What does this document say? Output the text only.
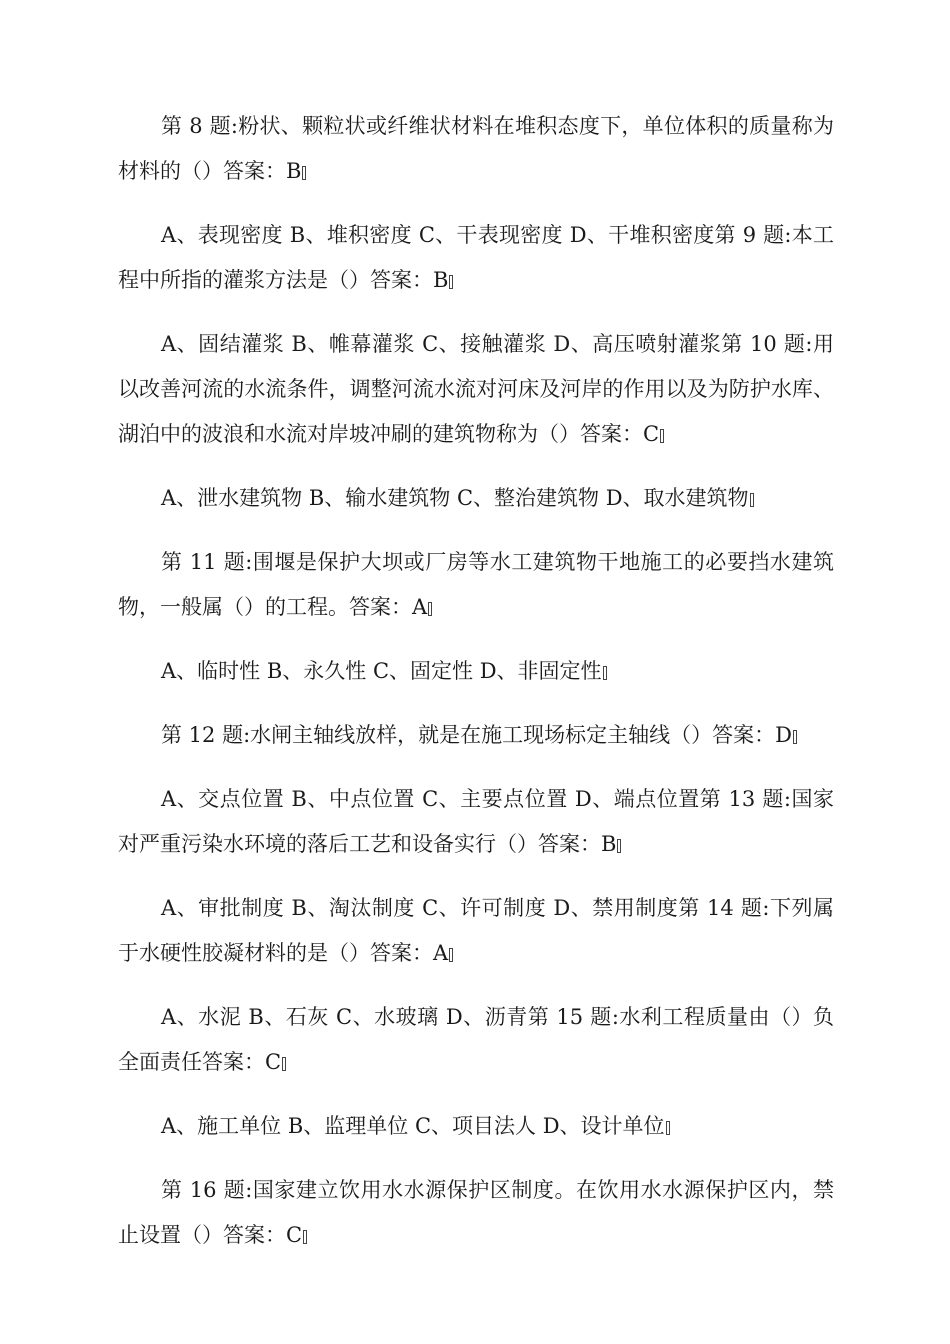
第 8 题:粉状、颗粒状或纤维状材料在堆积态度下，单位体积的质量称为材料的（）答案：B

A、表现密度 B、堆积密度 C、干表现密度 D、干堆积密度第 9 题:本工程中所指的灌浆方法是（）答案：B

A、固结灌浆 B、帷幕灌浆 C、接触灌浆 D、高压喷射灌浆第 10 题:用以改善河流的水流条件，调整河流水流对河床及河岸的作用以及为防护水库、湖泊中的波浪和水流对岸坡冲刷的建筑物称为（）答案：C

A、泄水建筑物 B、输水建筑物 C、整治建筑物 D、取水建筑物

第 11 题:围堰是保护大坝或厂房等水工建筑物干地施工的必要挡水建筑物，一般属（）的工程。答案：A

A、临时性 B、永久性 C、固定性 D、非固定性

第 12 题:水闸主轴线放样，就是在施工现场标定主轴线（）答案：D

A、交点位置 B、中点位置 C、主要点位置 D、端点位置第 13 题:国家对严重污染水环境的落后工艺和设备实行（）答案：B

A、审批制度 B、淘汰制度 C、许可制度 D、禁用制度第 14 题:下列属于水硬性胶凝材料的是（）答案：A

A、水泥 B、石灰 C、水玻璃 D、沥青第 15 题:水利工程质量由（）负全面责任答案：C

A、施工单位 B、监理单位 C、项目法人 D、设计单位

第 16 题:国家建立饮用水水源保护区制度。在饮用水水源保护区内，禁止设置（）答案：C
